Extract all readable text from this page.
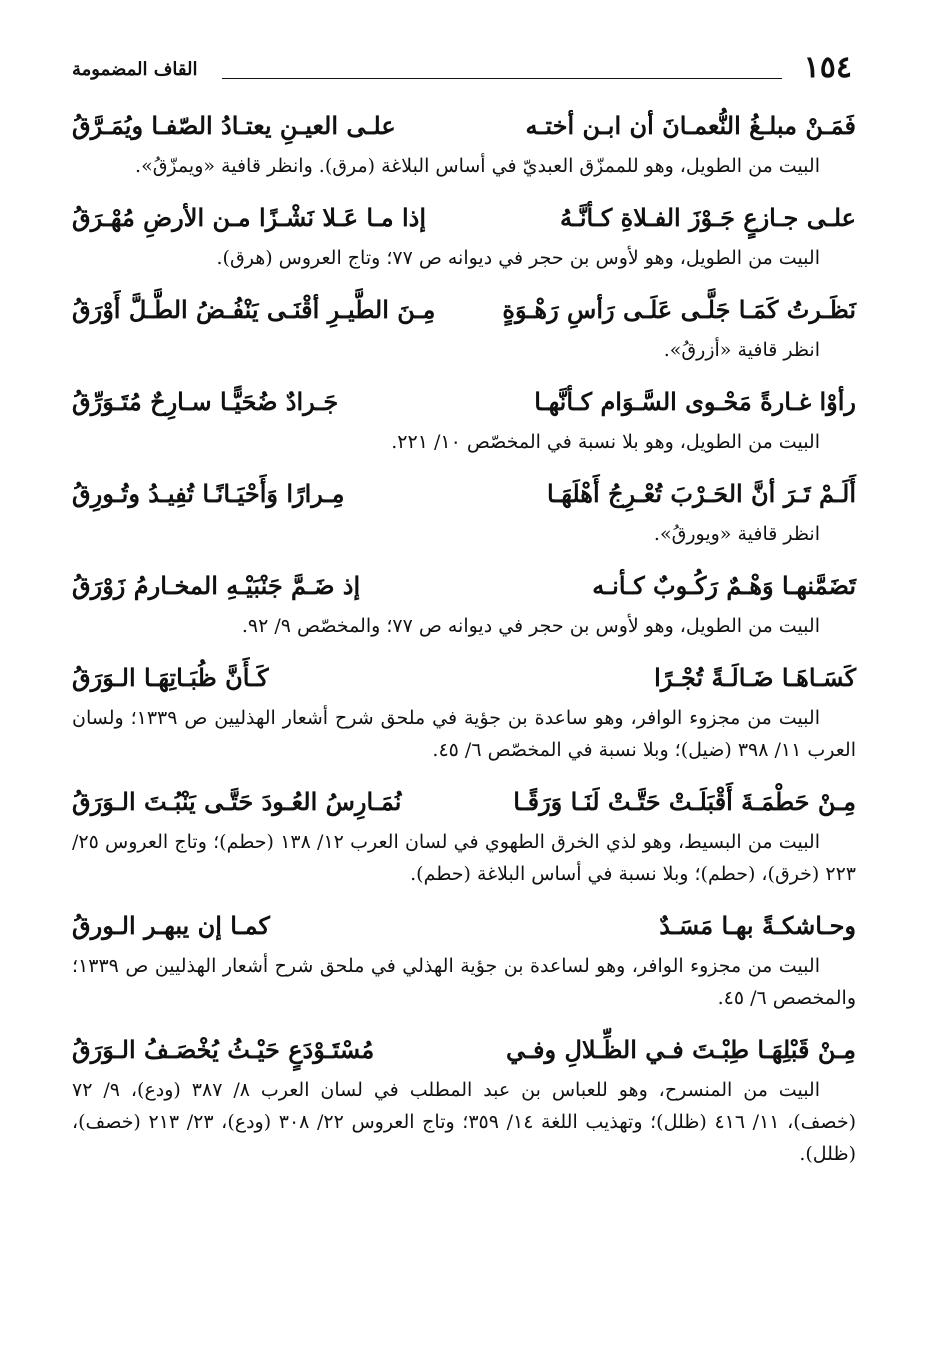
١٥٤
القاف المضمومة
فَمَـنْ مبلـغُ النُّعمـانَ أن ابـن أختـه
علـى العيـنِ يعتـادُ الصّفـا ويُمَـرَّقُ
البيت من الطويل، وهو للممزّق العبديّ في أساس البلاغة (مرق). وانظر قافية «ويمزّقُ».
علـى جـازعٍ جَـوْزَ الفـلاةِ كـأنَّـهُ
إذا مـا عَـلا نَشْـزًا مـن الأرضِ مُهْـرَقُ
البيت من الطويل، وهو لأوس بن حجر في ديوانه ص ٧٧؛ وتاج العروس (هرق).
نَظَـرتُ كَمَـا جَلَّـى عَلَـى رَأسِ رَهْـوَةٍ
مِـنَ الطَّيـرِ أقْنَـى يَنْفُـضُ الطَّـلَّ أَوْرَقُ
انظر قافية «أزرقُ».
رأوْا غـارةً مَحْـوى السَّـوَام كـأنَّهـا
جَـرادٌ ضُحَيًّـا سـارِحٌ مُتَـوَرِّقُ
البيت من الطويل، وهو بلا نسبة في المخصّص ١٠/ ٢٢١.
أَلَـمْ تَـرَ أنَّ الحَـرْبَ تُعْـرِجُ أَهْلَهَـا
مِـرارًا وَأَحْيَـانًـا تُفِيـدُ وتُـورِقُ
انظر قافية «ويورقُ».
تَضَمَّنهـا وَهْـمٌ رَكُـوبٌ كـأنـه
إذ ضَـمَّ جَنْبَيْـهِ المخـارمُ زَوْرَقُ
البيت من الطويل، وهو لأوس بن حجر في ديوانه ص ٧٧؛ والمخصّص ٩/ ٩٢.
كَسَـاهَـا ضَـالَـةً تُجْـرًا
كَـأَنَّ ظُبَـاتِهَـا الـوَرَقُ
البيت من مجزوء الوافر، وهو ساعدة بن جؤية في ملحق شرح أشعار الهذليين ص ١٣٣٩؛ ولسان العرب ١١/ ٣٩٨ (ضيل)؛ وبلا نسبة في المخصّص ٦/ ٤٥.
مِـنْ حَطْمَـةَ أَقْبَلَـتْ حَتَّـتْ لَنَـا وَرَقًـا
نُمَـارِسُ العُـودَ حَتَّـى يَنْبُـتَ الـوَرَقُ
البيت من البسيط، وهو لذي الخرق الطهوي في لسان العرب ١٢/ ١٣٨ (حطم)؛ وتاج العروس ٢٥/ ٢٢٣ (خرق)، (حطم)؛ وبلا نسبة في أساس البلاغة (حطم).
وحـاشكـةً بهـا مَسَـدٌ
كمـا إن يبهـر الـورقُ
البيت من مجزوء الوافر، وهو لساعدة بن جؤية الهذلي في ملحق شرح أشعار الهذليين ص ١٣٣٩؛ والمخصص ٦/ ٤٥.
مِـنْ قَبْلِهَـا طِبْـتَ فـي الظِّـلالِ وفـي
مُسْتَـوْدَعٍ حَيْـثُ يُخْصَـفُ الـوَرَقُ
البيت من المنسرح، وهو للعباس بن عبد المطلب في لسان العرب ٨/ ٣٨٧ (ودع)، ٩/ ٧٢ (خصف)، ١١/ ٤١٦ (ظلل)؛ وتهذيب اللغة ١٤/ ٣٥٩؛ وتاج العروس ٢٢/ ٣٠٨ (ودع)، ٢٣/ ٢١٣ (خصف)، (ظلل).
